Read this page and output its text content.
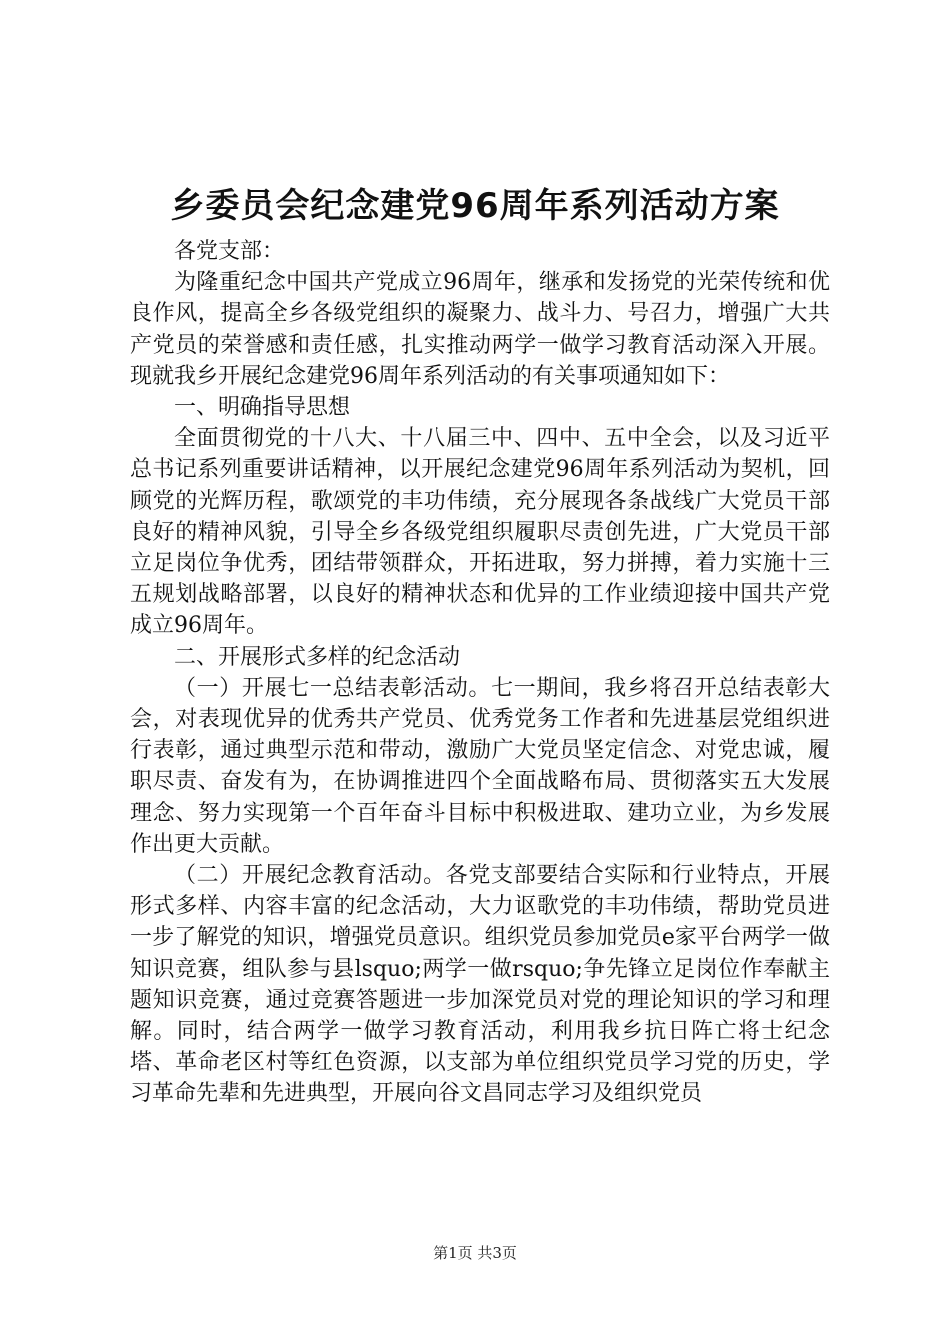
乡委员会纪念建党96周年系列活动方案

各党支部：

为隆重纪念中国共产党成立96周年，继承和发扬党的光荣传统和优良作风，提高全乡各级党组织的凝聚力、战斗力、号召力，增强广大共产党员的荣誉感和责任感，扎实推动两学一做学习教育活动深入开展。现就我乡开展纪念建党96周年系列活动的有关事项通知如下：

一、明确指导思想

全面贯彻党的十八大、十八届三中、四中、五中全会，以及习近平总书记系列重要讲话精神，以开展纪念建党96周年系列活动为契机，回顾党的光辉历程，歌颂党的丰功伟绩，充分展现各条战线广大党员干部良好的精神风貌，引导全乡各级党组织履职尽责创先进，广大党员干部立足岗位争优秀，团结带领群众，开拓进取，努力拼搏，着力实施十三五规划战略部署，以良好的精神状态和优异的工作业绩迎接中国共产党成立96周年。

二、开展形式多样的纪念活动

（一）开展七一总结表彰活动。七一期间，我乡将召开总结表彰大会，对表现优异的优秀共产党员、优秀党务工作者和先进基层党组织进行表彰，通过典型示范和带动，激励广大党员坚定信念、对党忠诚，履职尽责、奋发有为，在协调推进四个全面战略布局、贯彻落实五大发展理念、努力实现第一个百年奋斗目标中积极进取、建功立业，为乡发展作出更大贡献。

（二）开展纪念教育活动。各党支部要结合实际和行业特点，开展形式多样、内容丰富的纪念活动，大力讴歌党的丰功伟绩，帮助党员进一步了解党的知识，增强党员意识。组织党员参加党员e家平台两学一做知识竞赛，组队参与县lsquo;两学一做rsquo;争先锋立足岗位作奉献主题知识竞赛，通过竞赛答题进一步加深党员对党的理论知识的学习和理解。同时，结合两学一做学习教育活动，利用我乡抗日阵亡将士纪念塔、革命老区村等红色资源，以支部为单位组织党员学习党的历史，学习革命先辈和先进典型，开展向谷文昌同志学习及组织党员

第1页 共3页
